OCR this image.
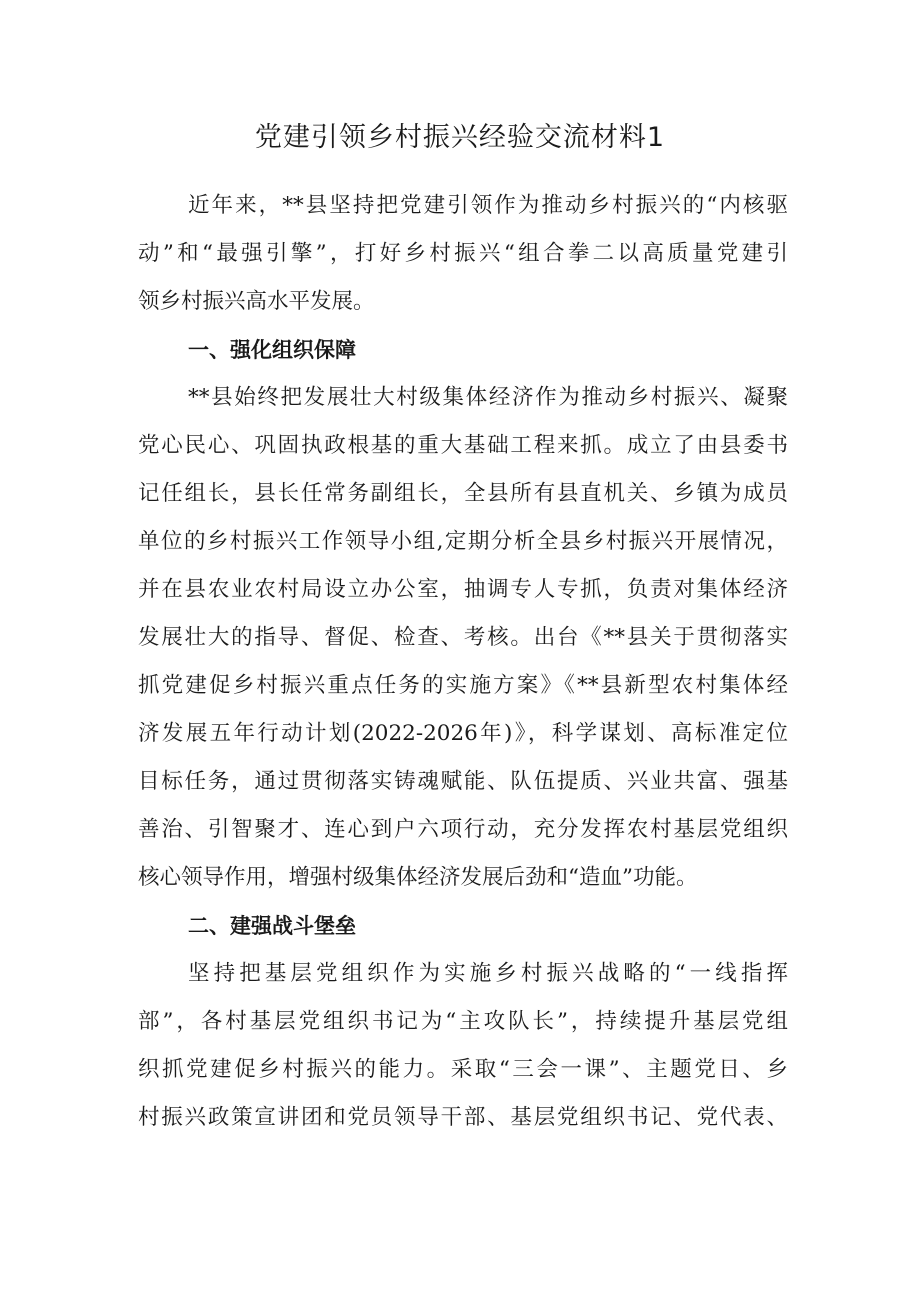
党建引领乡村振兴经验交流材料1
近年来，**县坚持把党建引领作为推动乡村振兴的“内核驱
动”和“最强引擎”，打好乡村振兴“组合拳二以高质量党建引
领乡村振兴高水平发展。
一、强化组织保障
**县始终把发展壮大村级集体经济作为推动乡村振兴、凝聚
党心民心、巩固执政根基的重大基础工程来抓。成立了由县委书
记任组长，县长任常务副组长，全县所有县直机关、乡镇为成员
单位的乡村振兴工作领导小组,定期分析全县乡村振兴开展情况，
并在县农业农村局设立办公室，抽调专人专抓，负责对集体经济
发展壮大的指导、督促、检查、考核。出台《**县关于贯彻落实
抓党建促乡村振兴重点任务的实施方案》《**县新型农村集体经
济发展五年行动计划(2022-2026年)》，科学谋划、高标准定位
目标任务，通过贯彻落实铸魂赋能、队伍提质、兴业共富、强基
善治、引智聚才、连心到户六项行动，充分发挥农村基层党组织
核心领导作用，增强村级集体经济发展后劲和“造血”功能。
二、建强战斗堡垒
坚持把基层党组织作为实施乡村振兴战略的“一线指挥
部”，各村基层党组织书记为“主攻队长”，持续提升基层党组
织抓党建促乡村振兴的能力。采取“三会一课”、主题党日、乡
村振兴政策宣讲团和党员领导干部、基层党组织书记、党代表、
